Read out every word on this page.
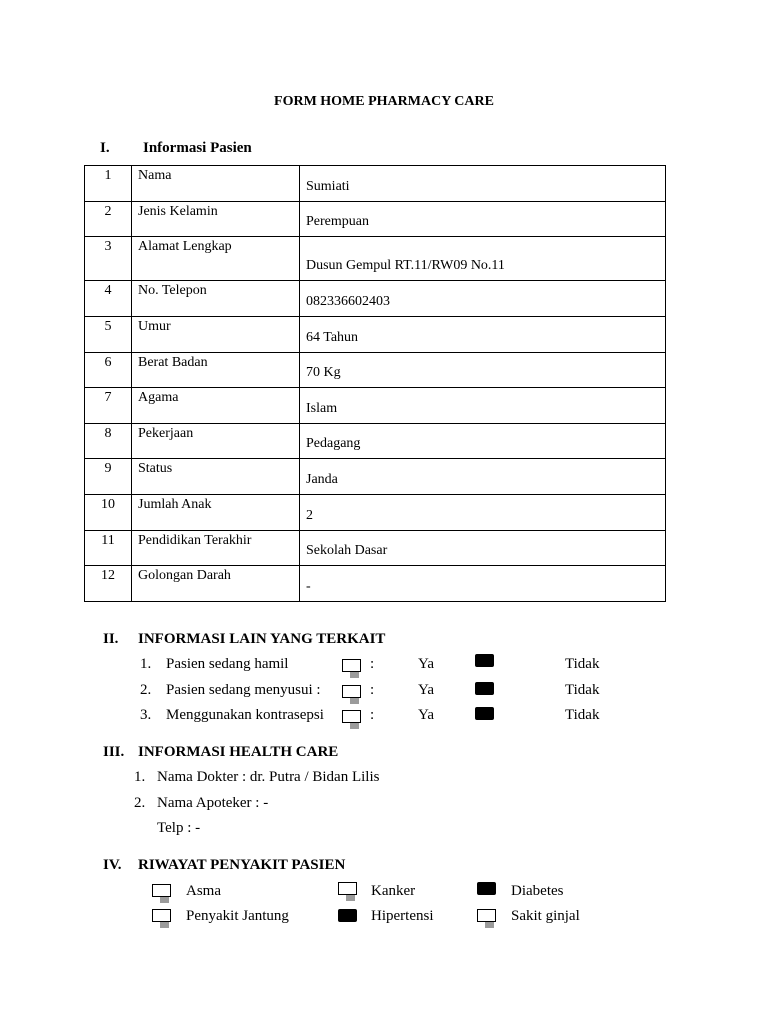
FORM HOME PHARMACY CARE
I. Informasi Pasien
1	Nama	Sumiati
2	Jenis Kelamin	Perempuan
3	Alamat Lengkap	Dusun Gempul RT.11/RW09 No.11
4	No. Telepon	082336602403
5	Umur	64 Tahun
6	Berat Badan	70 Kg
7	Agama	Islam
8	Pekerjaan	Pedagang
9	Status	Janda
10	Jumlah Anak	2
11	Pendidikan Terakhir	Sekolah Dasar
12	Golongan Darah	-
II. INFORMASI LAIN YANG TERKAIT
1. Pasien sedang hamil	:	Ya	Tidak
2. Pasien sedang menyusui :	:	Ya	Tidak
3. Menggunakan kontrasepsi	:	Ya	Tidak
III. INFORMASI HEALTH CARE
1. Nama Dokter : dr. Putra / Bidan Lilis
2. Nama Apoteker : -
Telp : -
IV. RIWAYAT PENYAKIT PASIEN
Asma	Kanker	Diabetes
Penyakit Jantung	Hipertensi	Sakit ginjal
